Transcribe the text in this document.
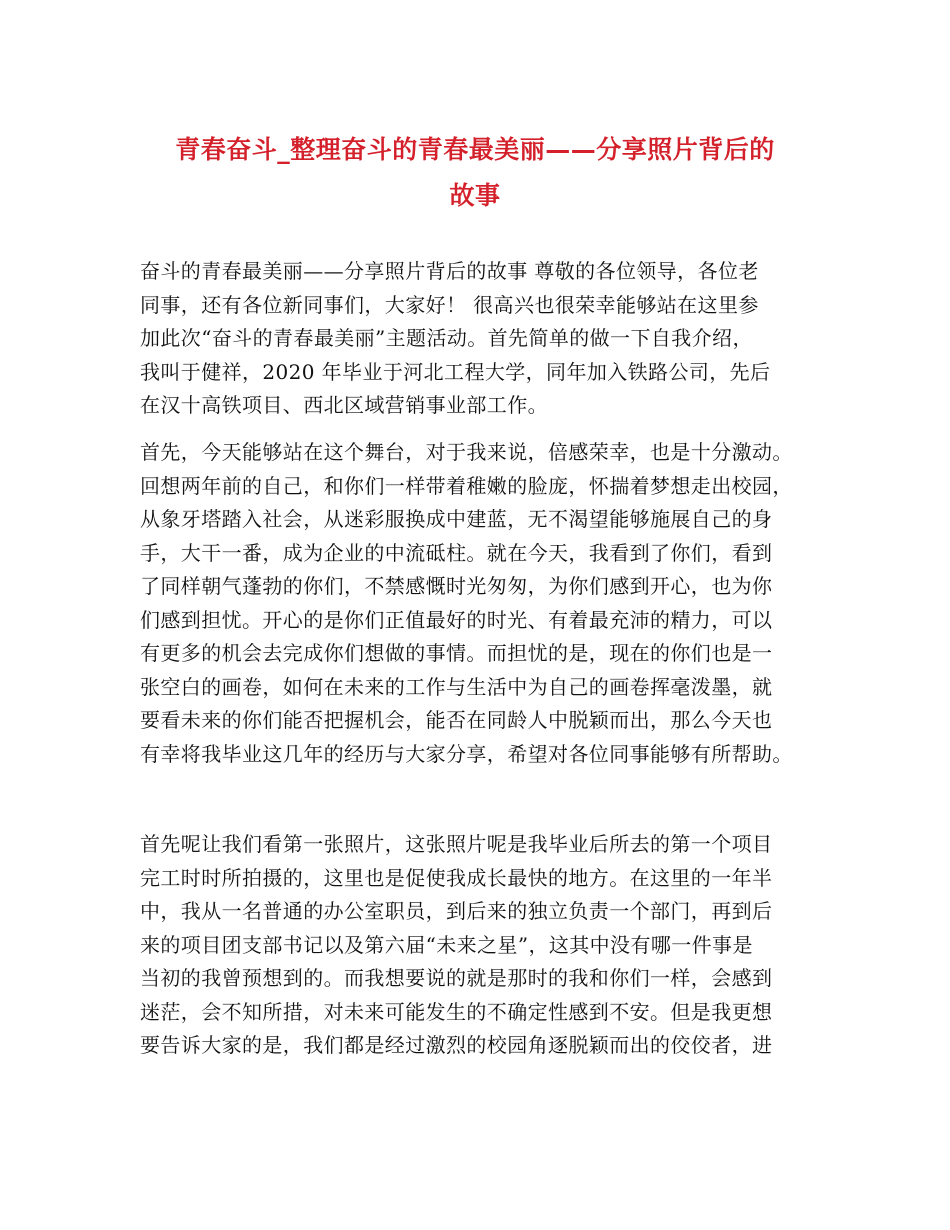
青春奋斗_整理奋斗的青春最美丽——分享照片背后的
故事
奋斗的青春最美丽——分享照片背后的故事 尊敬的各位领导，各位老
同事，还有各位新同事们，大家好！ 很高兴也很荣幸能够站在这里参
加此次“奋斗的青春最美丽”主题活动。首先简单的做一下自我介绍，
我叫于健祥，2020 年毕业于河北工程大学，同年加入铁路公司，先后
在汉十高铁项目、西北区域营销事业部工作。
首先，今天能够站在这个舞台，对于我来说，倍感荣幸，也是十分激动。
回想两年前的自己，和你们一样带着稚嫩的脸庞，怀揣着梦想走出校园，
从象牙塔踏入社会，从迷彩服换成中建蓝，无不渴望能够施展自己的身
手，大干一番，成为企业的中流砥柱。就在今天，我看到了你们，看到
了同样朝气蓬勃的你们，不禁感慨时光匆匆，为你们感到开心，也为你
们感到担忧。开心的是你们正值最好的时光、有着最充沛的精力，可以
有更多的机会去完成你们想做的事情。而担忧的是，现在的你们也是一
张空白的画卷，如何在未来的工作与生活中为自己的画卷挥毫泼墨，就
要看未来的你们能否把握机会，能否在同龄人中脱颖而出，那么今天也
有幸将我毕业这几年的经历与大家分享，希望对各位同事能够有所帮助。
首先呢让我们看第一张照片，这张照片呢是我毕业后所去的第一个项目
完工时时所拍摄的，这里也是促使我成长最快的地方。在这里的一年半
中，我从一名普通的办公室职员，到后来的独立负责一个部门，再到后
来的项目团支部书记以及第六届“未来之星”，这其中没有哪一件事是
当初的我曾预想到的。而我想要说的就是那时的我和你们一样，会感到
迷茫，会不知所措，对未来可能发生的不确定性感到不安。但是我更想
要告诉大家的是，我们都是经过激烈的校园角逐脱颖而出的佼佼者，进
